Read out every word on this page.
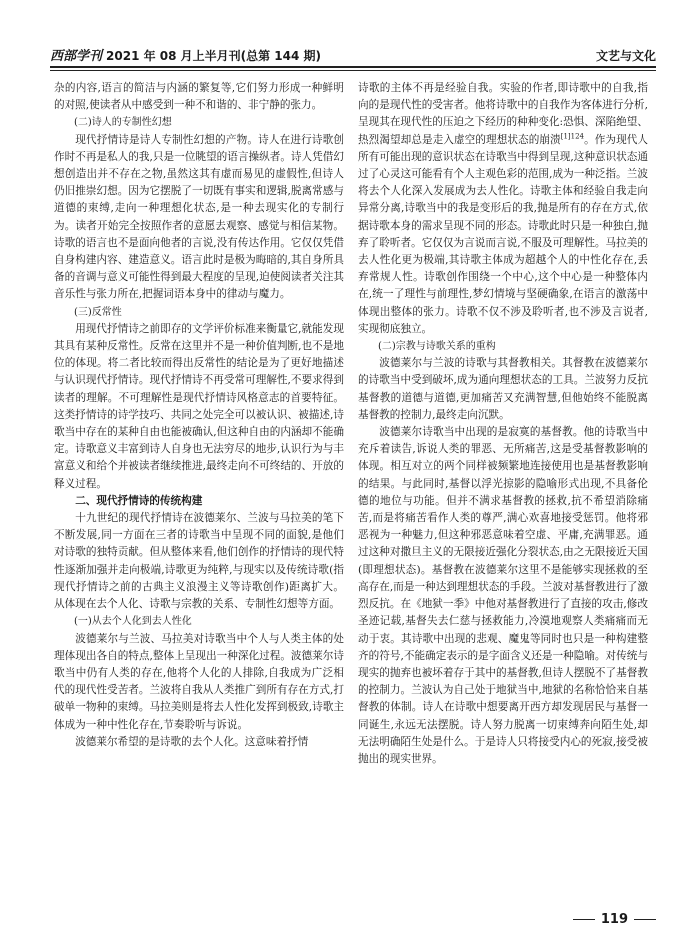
西部学刊 2021 年 08 月上半月刊(总第 144 期)	文艺与文化

杂的内容,语言的简洁与内涵的繁复等,它们努力形成一种鲜明的对照,使读者从中感受到一种不和谐的、非宁静的张力。

(二)诗人的专制性幻想

现代抒情诗是诗人专制性幻想的产物。诗人在进行诗歌创作时不再是私人的我,只是一位眺望的语言操纵者。诗人凭借幻想创造出并不存在之物,虽然这其有虚而易见的虚假性,但诗人仍旧推崇幻想。因为它摆脱了一切既有事实和逻辑,脱离常感与道德的束缚,走向一种理想化状态,是一种去现实化的专制行为。读者开始完全按照作者的意愿去观察、感觉与相信某物。诗歌的语言也不是面向他者的言说,没有传达作用。它仅仅凭借自身构建内容、建造意义。语言此时是极为晦暗的,其自身所具备的音调与意义可能性得到最大程度的呈现,迫使阅读者关注其音乐性与张力所在,把握词语本身中的律动与魔力。

(三)反常性

用现代抒情诗之前即存的文学评价标准来衡量它,就能发现其具有某种反常性。反常在这里并不是一种价值判断,也不是地位的体现。将二者比较而得出反常性的结论是为了更好地描述与认识现代抒情诗。现代抒情诗不再受常可理解性,不要求得到读者的理解。不可理解性是现代抒情诗风格意志的首要特征。这类抒情诗的诗学技巧、共同之处完全可以被认识、被描述,诗歌当中存在的某种自由也能被确认,但这种自由的内涵却不能确定。诗歌意义丰富到诗人自身也无法穷尽的地步,认识行为与丰富意义和给个并被读者继续推进,最终走向不可终结的、开放的释义过程。

二、现代抒情诗的传统构建

十九世纪的现代抒情诗在波德莱尔、兰波与马拉美的笔下不断发展,同一方面在三者的诗歌当中呈现不同的面貌,是他们对诗歌的独特贡献。但从整体来看,他们创作的抒情诗的现代特性逐渐加强并走向极端,诗歌更为纯粹,与现实以及传统诗歌(指现代抒情诗之前的古典主义浪漫主义等诗歌创作)距离扩大。从体现在去个人化、诗歌与宗教的关系、专制性幻想等方面。

(一)从去个人化到去人性化

波德莱尔与兰波、马拉美对诗歌当中个人与人类主体的处理体现出各自的特点,整体上呈现出一种深化过程。波德莱尔诗歌当中仍有人类的存在,他将个人化的人排除,自我成为广泛相代的现代性受苦者。兰波将自我从人类推广到所有存在方式,打破单一物种的束缚。马拉美则是将去人性化发挥到极致,诗歌主体成为一种中性化存在,节奏聆听与诉说。

波德莱尔希望的是诗歌的去个人化。这意味着抒情

诗歌的主体不再是经验自我。实验的作者,即诗歌中的自我,指向的是现代性的受害者。他将诗歌中的自我作为客体进行分析,呈现其在现代性的压迫之下经历的种种变化:恐惧、深陷绝望、热烈渴望却总是走入虚空的理想状态的崩溃$^{[1]124}$。作为现代人所有可能出现的意识状态在诗歌当中得到呈现,这种意识状态通过了心灵这可能看有个人主观色彩的范围,成为一种泛指。兰波将去个人化深入发展成为去人性化。诗歌主体和经验自我走向异常分离,诗歌当中的我是变形后的我,抛是所有的存在方式,依据诗歌本身的需求呈现不同的形态。诗歌此时只是一种独白,抛弃了聆听者。它仅仅为言说而言说,不服及可理解性。马拉美的去人性化更为极端,其诗歌主体成为超越个人的中性化存在,丢弃常规人性。诗歌创作围绕一个中心,这个中心是一种整体内在,统一了理性与前理性,梦幻情境与坚硬确象,在语言的激荡中体现出整体的张力。诗歌不仅不涉及聆听者,也不涉及言说者,实现彻底独立。

(二)宗教与诗歌关系的重构

波德莱尔与兰波的诗歌与其督教相关。其督教在波德莱尔的诗歌当中受到破坏,成为通向理想状态的工具。兰波努力反抗基督教的道德与道德,更加痛苦又充满智慧,但他始终不能脱离基督教的控制力,最终走向沉默。

波德莱尔诗歌当中出现的是寂寞的基督教。他的诗歌当中充斥着读告,诉说人类的罪恶、无所痛苦,这是受基督教影响的体现。相互对立的两个同样被频繁地连接使用也是基督教影响的结果。与此同时,基督以浮光掠影的隐喻形式出现,不具备伦德的地位与功能。但并不满求基督教的拯救,抗不希望消除痛苦,而是将痛苦看作人类的尊严,满心欢喜地接受惩罚。他将邪恶视为一种魅力,但这种邪恶意味着空虚、平庸,充满罪恶。通过这种对撒旦主义的无限接近强化分裂状态,由之无限接近天国(即理想状态)。基督教在波德莱尔这里不是能够实现拯救的至高存在,而是一种达到理想状态的手段。兰波对基督教进行了激烈反抗。在《地狱一季》中他对基督教进行了直接的攻击,修改圣迹记载,基督失去仁慈与拯救能力,冷漠地观察人类痛痛而无动于衷。其诗歌中出现的悲观、魔鬼等同时也只是一种构建整齐的符号,不能确定表示的是字面含义还是一种隐喻。对传统与现实的抛弃也被坏着存于其中的基督教,但诗人摆脱不了基督教的控制力。兰波认为自己处于地狱当中,地狱的名称恰恰来自基督教的体制。诗人在诗歌中想要离开西方却发现居民与基督一同诞生,永远无法摆脱。诗人努力脱离一切束缚奔向陌生处,却无法明确陌生处是什么。于是诗人只将接受内心的死寂,接受被抛出的现实世界。

119
